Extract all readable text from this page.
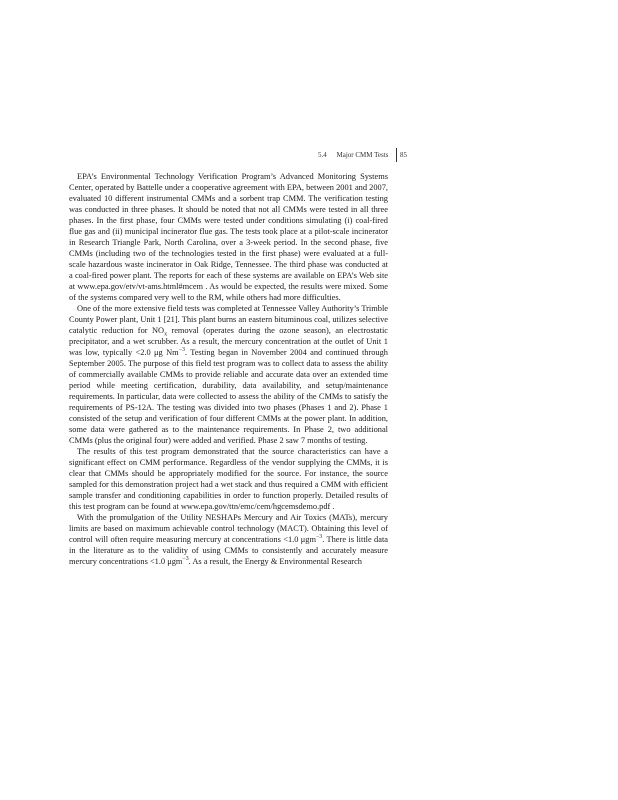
5.4 Major CMM Tests 85

EPA’s Environmental Technology Verification Program’s Advanced Monitoring Systems Center, operated by Battelle under a cooperative agreement with EPA, between 2001 and 2007, evaluated 10 different instrumental CMMs and a sorbent trap CMM. The verification testing was conducted in three phases. It should be noted that not all CMMs were tested in all three phases. In the first phase, four CMMs were tested under conditions simulating (i) coal-fired flue gas and (ii) municipal incinerator flue gas. The tests took place at a pilot-scale incinerator in Research Triangle Park, North Carolina, over a 3-week period. In the second phase, five CMMs (including two of the technologies tested in the first phase) were evaluated at a full-scale hazardous waste incinerator in Oak Ridge, Tennessee. The third phase was conducted at a coal-fired power plant. The reports for each of these systems are available on EPA’s Web site at www.epa.gov/etv/vt-ams.html#mcem . As would be expected, the results were mixed. Some of the systems compared very well to the RM, while others had more difficulties.

One of the more extensive field tests was completed at Tennessee Valley Authority’s Trimble County Power plant, Unit 1 [21]. This plant burns an eastern bituminous coal, utilizes selective catalytic reduction for $NO_x$ removal (operates during the ozone season), an electrostatic precipitator, and a wet scrubber. As a result, the mercury concentration at the outlet of Unit 1 was low, typically <2.0 μg $Nm^{-3}$. Testing began in November 2004 and continued through September 2005. The purpose of this field test program was to collect data to assess the ability of commercially available CMMs to provide reliable and accurate data over an extended time period while meeting certification, durability, data availability, and setup/maintenance requirements. In particular, data were collected to assess the ability of the CMMs to satisfy the requirements of PS-12A. The testing was divided into two phases (Phases 1 and 2). Phase 1 consisted of the setup and verification of four different CMMs at the power plant. In addition, some data were gathered as to the maintenance requirements. In Phase 2, two additional CMMs (plus the original four) were added and verified. Phase 2 saw 7 months of testing.

The results of this test program demonstrated that the source characteristics can have a significant effect on CMM performance. Regardless of the vendor supplying the CMMs, it is clear that CMMs should be appropriately modified for the source. For instance, the source sampled for this demonstration project had a wet stack and thus required a CMM with efficient sample transfer and conditioning capabilities in order to function properly. Detailed results of this test program can be found at www.epa.gov/ttn/emc/cem/hgcemsdemo.pdf .

With the promulgation of the Utility NESHAPs Mercury and Air Toxics (MATs), mercury limits are based on maximum achievable control technology (MACT). Obtaining this level of control will often require measuring mercury at concentrations <1.0 μgm$^{-3}$. There is little data in the literature as to the validity of using CMMs to consistently and accurately measure mercury concentrations <1.0 μgm$^{-3}$. As a result, the Energy & Environmental Research
